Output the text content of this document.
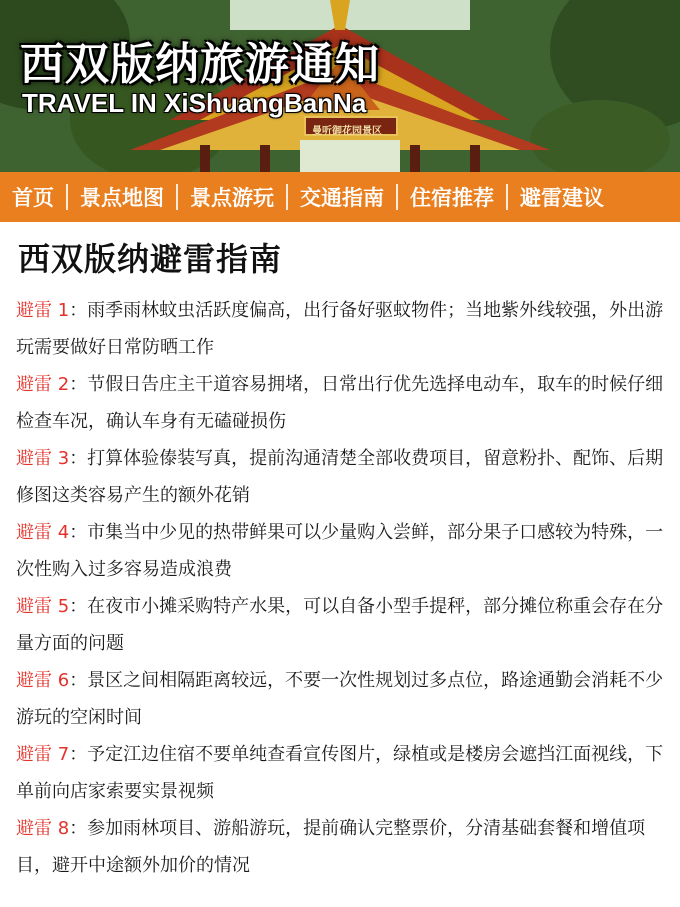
西双版纳旅游通知
TRAVEL IN XiShuangBanNa
曼听御花园景区
首页	景点地图	景点游玩	交通指南	住宿推荐	避雷建议
西双版纳避雷指南

避雷 1：雨季雨林蚊虫活跃度偏高，出行备好驱蚊物件；当地紫外线较强，外出游玩需要做好日常防晒工作

避雷 2：节假日告庄主干道容易拥堵，日常出行优先选择电动车，取车的时候仔细检查车况，确认车身有无磕碰损伤

避雷 3：打算体验傣装写真，提前沟通清楚全部收费项目，留意粉扑、配饰、后期修图这类容易产生的额外花销

避雷 4：市集当中少见的热带鲜果可以少量购入尝鲜，部分果子口感较为特殊，一次性购入过多容易造成浪费

避雷 5：在夜市小摊采购特产水果，可以自备小型手提秤，部分摊位称重会存在分量方面的问题

避雷 6：景区之间相隔距离较远，不要一次性规划过多点位，路途通勤会消耗不少游玩的空闲时间

避雷 7：予定江边住宿不要单纯查看宣传图片，绿植或是楼房会遮挡江面视线，下单前向店家索要实景视频

避雷 8：参加雨林项目、游船游玩，提前确认完整票价，分清基础套餐和增值项目，避开中途额外加价的情况
